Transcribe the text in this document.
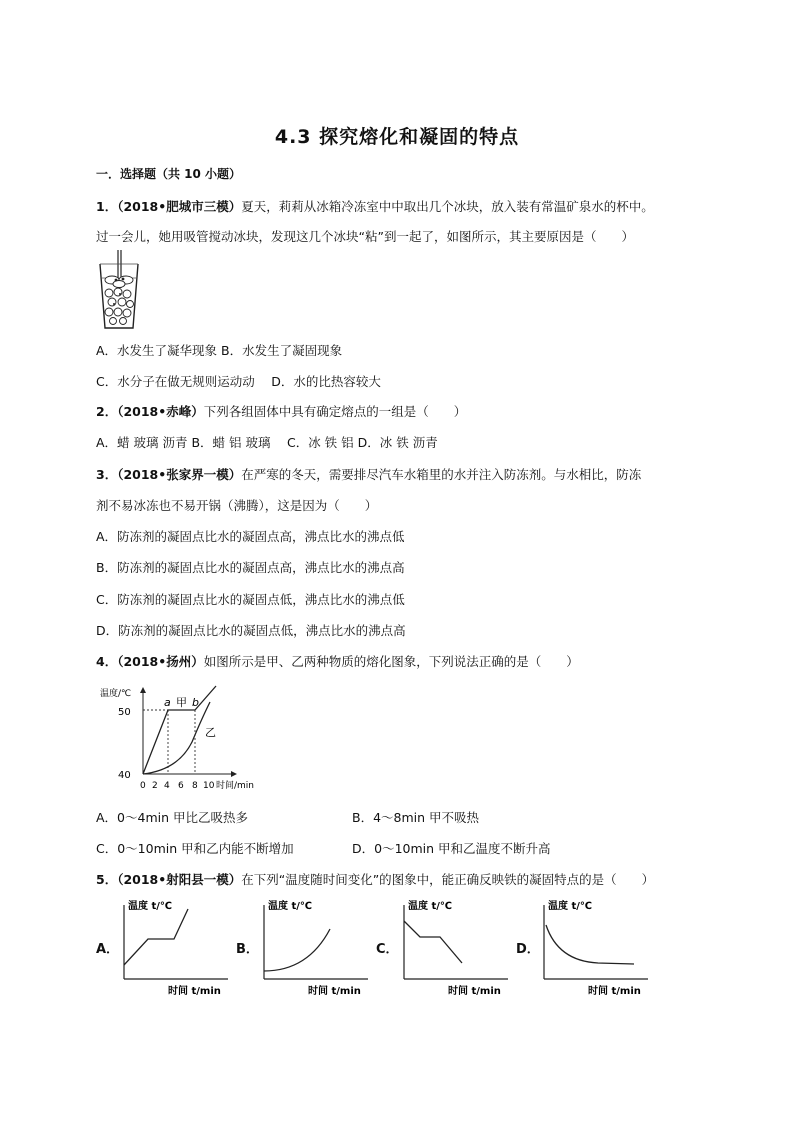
4.3 探究熔化和凝固的特点
一．选择题（共 10 小题）
1．（2018•肥城市三模）夏天，莉莉从冰箱冷冻室中中取出几个冰块，放入装有常温矿泉水的杯中。
过一会儿，她用吸管搅动冰块，发现这几个冰块“粘”到一起了，如图所示，其主要原因是（　　）
A．水发生了凝华现象 B．水发生了凝固现象
C．水分子在做无规则运动动　 D．水的比热容较大
2．（2018•赤峰）下列各组固体中具有确定熔点的一组是（　　）
A．蜡 玻璃 沥青 B．蜡 铝 玻璃　 C．冰 铁 铝 D．冰 铁 沥青
3．（2018•张家界一模）在严寒的冬天，需要排尽汽车水箱里的水并注入防冻剂。与水相比，防冻
剂不易冰冻也不易开锅（沸腾），这是因为（　　）
A．防冻剂的凝固点比水的凝固点高，沸点比水的沸点低
B．防冻剂的凝固点比水的凝固点高，沸点比水的沸点高
C．防冻剂的凝固点比水的凝固点低，沸点比水的沸点低
D．防冻剂的凝固点比水的凝固点低，沸点比水的沸点高
4．（2018•扬州）如图所示是甲、乙两种物质的熔化图象，下列说法正确的是（　　）
温度/℃
50
40
0 2 4 6 8 10 时间/min
a 甲 b
乙
A．0～4min 甲比乙吸热多	B．4～8min 甲不吸热
C．0～10min 甲和乙内能不断增加	D．0～10min 甲和乙温度不断升高
5．（2018•射阳县一模）在下列“温度随时间变化”的图象中，能正确反映铁的凝固特点的是（　　）
A．
温度 t/℃
时间 t/min
B．
温度 t/℃
时间 t/min
C．
温度 t/℃
时间 t/min
D．
温度 t/℃
时间 t/min
